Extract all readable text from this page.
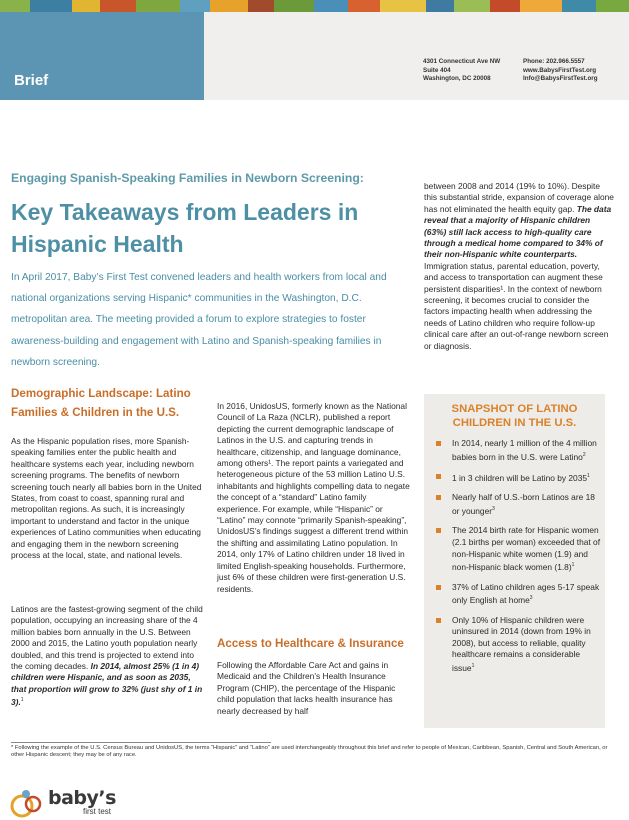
Brief
4301 Connecticut Ave NW
Suite 404
Washington, DC 20008
Phone: 202.966.5557
www.BabysFirstTest.org
Info@BabysFirstTest.org
Engaging Spanish-Speaking Families in Newborn Screening:
Key Takeaways from Leaders in Hispanic Health
In April 2017, Baby’s First Test convened leaders and health workers from local and national organizations serving Hispanic* communities in the Washington, D.C. metropolitan area. The meeting provided a forum to explore strategies to foster awareness-building and engagement with Latino and Spanish-speaking families in newborn screening.
Demographic Landscape: Latino Families & Children in the U.S.
As the Hispanic population rises, more Spanish-speaking families enter the public health and healthcare systems each year, including newborn screening programs. The benefits of newborn screening touch nearly all babies born in the United States, from coast to coast, spanning rural and metropolitan regions. As such, it is increasingly important to understand and factor in the unique experiences of Latino communities when educating and engaging them in the newborn screening process at the local, state, and national levels.
Latinos are the fastest-growing segment of the child population, occupying an increasing share of the 4 million babies born annually in the U.S. Between 2000 and 2015, the Latino youth population nearly doubled, and this trend is projected to extend into the coming decades. In 2014, almost 25% (1 in 4) children were Hispanic, and as soon as 2035, that proportion will grow to 32% (just shy of 1 in 3).$^1$
In 2016, UnidosUS, formerly known as the National Council of La Raza (NCLR), published a report depicting the current demographic landscape of Latinos in the U.S. and capturing trends in healthcare, citizenship, and language dominance, among others¹. The report paints a variegated and heterogeneous picture of the 53 million Latino U.S. inhabitants and highlights compelling data to negate the concept of a “standard” Latino family experience. For example, while “Hispanic” or “Latino” may connote “primarily Spanish-speaking”, UnidosUS’s findings suggest a different trend within the shifting and assimilating Latino population. In 2014, only 17% of Latino children under 18 lived in limited English-speaking households. Furthermore, just 6% of these children were first-generation U.S. residents.
Access to Healthcare & Insurance
Following the Affordable Care Act and gains in Medicaid and the Children’s Health Insurance Program (CHIP), the percentage of the Hispanic child population that lacks health insurance has nearly decreased by half
between 2008 and 2014 (19% to 10%). Despite this substantial stride, expansion of coverage alone has not eliminated the health equity gap. The data reveal that a majority of Hispanic children (63%) still lack access to high-quality care through a medical home compared to 34% of their non-Hispanic white counterparts. Immigration status, parental education, poverty, and access to transportation can augment these persistent disparities¹. In the context of newborn screening, it becomes crucial to consider the factors impacting health when addressing the needs of Latino children who require follow-up clinical care after an out-of-range newborn screen or diagnosis.
SNAPSHOT OF LATINO CHILDREN IN THE U.S.
In 2014, nearly 1 million of the 4 million babies born in the U.S. were Latino$^2$
1 in 3 children will be Latino by 2035$^1$
Nearly half of U.S.-born Latinos are 18 or younger$^3$
The 2014 birth rate for Hispanic women (2.1 births per woman) exceeded that of non-Hispanic white women (1.9) and non-Hispanic black women $(1.8)^1$
37% of Latino children ages 5-17 speak only English at home$^3$
Only 10% of Hispanic children were uninsured in 2014 (down from 19% in 2008), but access to reliable, quality healthcare remains a considerable issue$^1$
* Following the example of the U.S. Census Bureau and UnidosUS, the terms “Hispanic” and “Latino” are used interchangeably throughout this brief and refer to people of Mexican, Caribbean, Spanish, Central and South American, or other Hispanic descent; they may be of any race.
baby’s
first test
